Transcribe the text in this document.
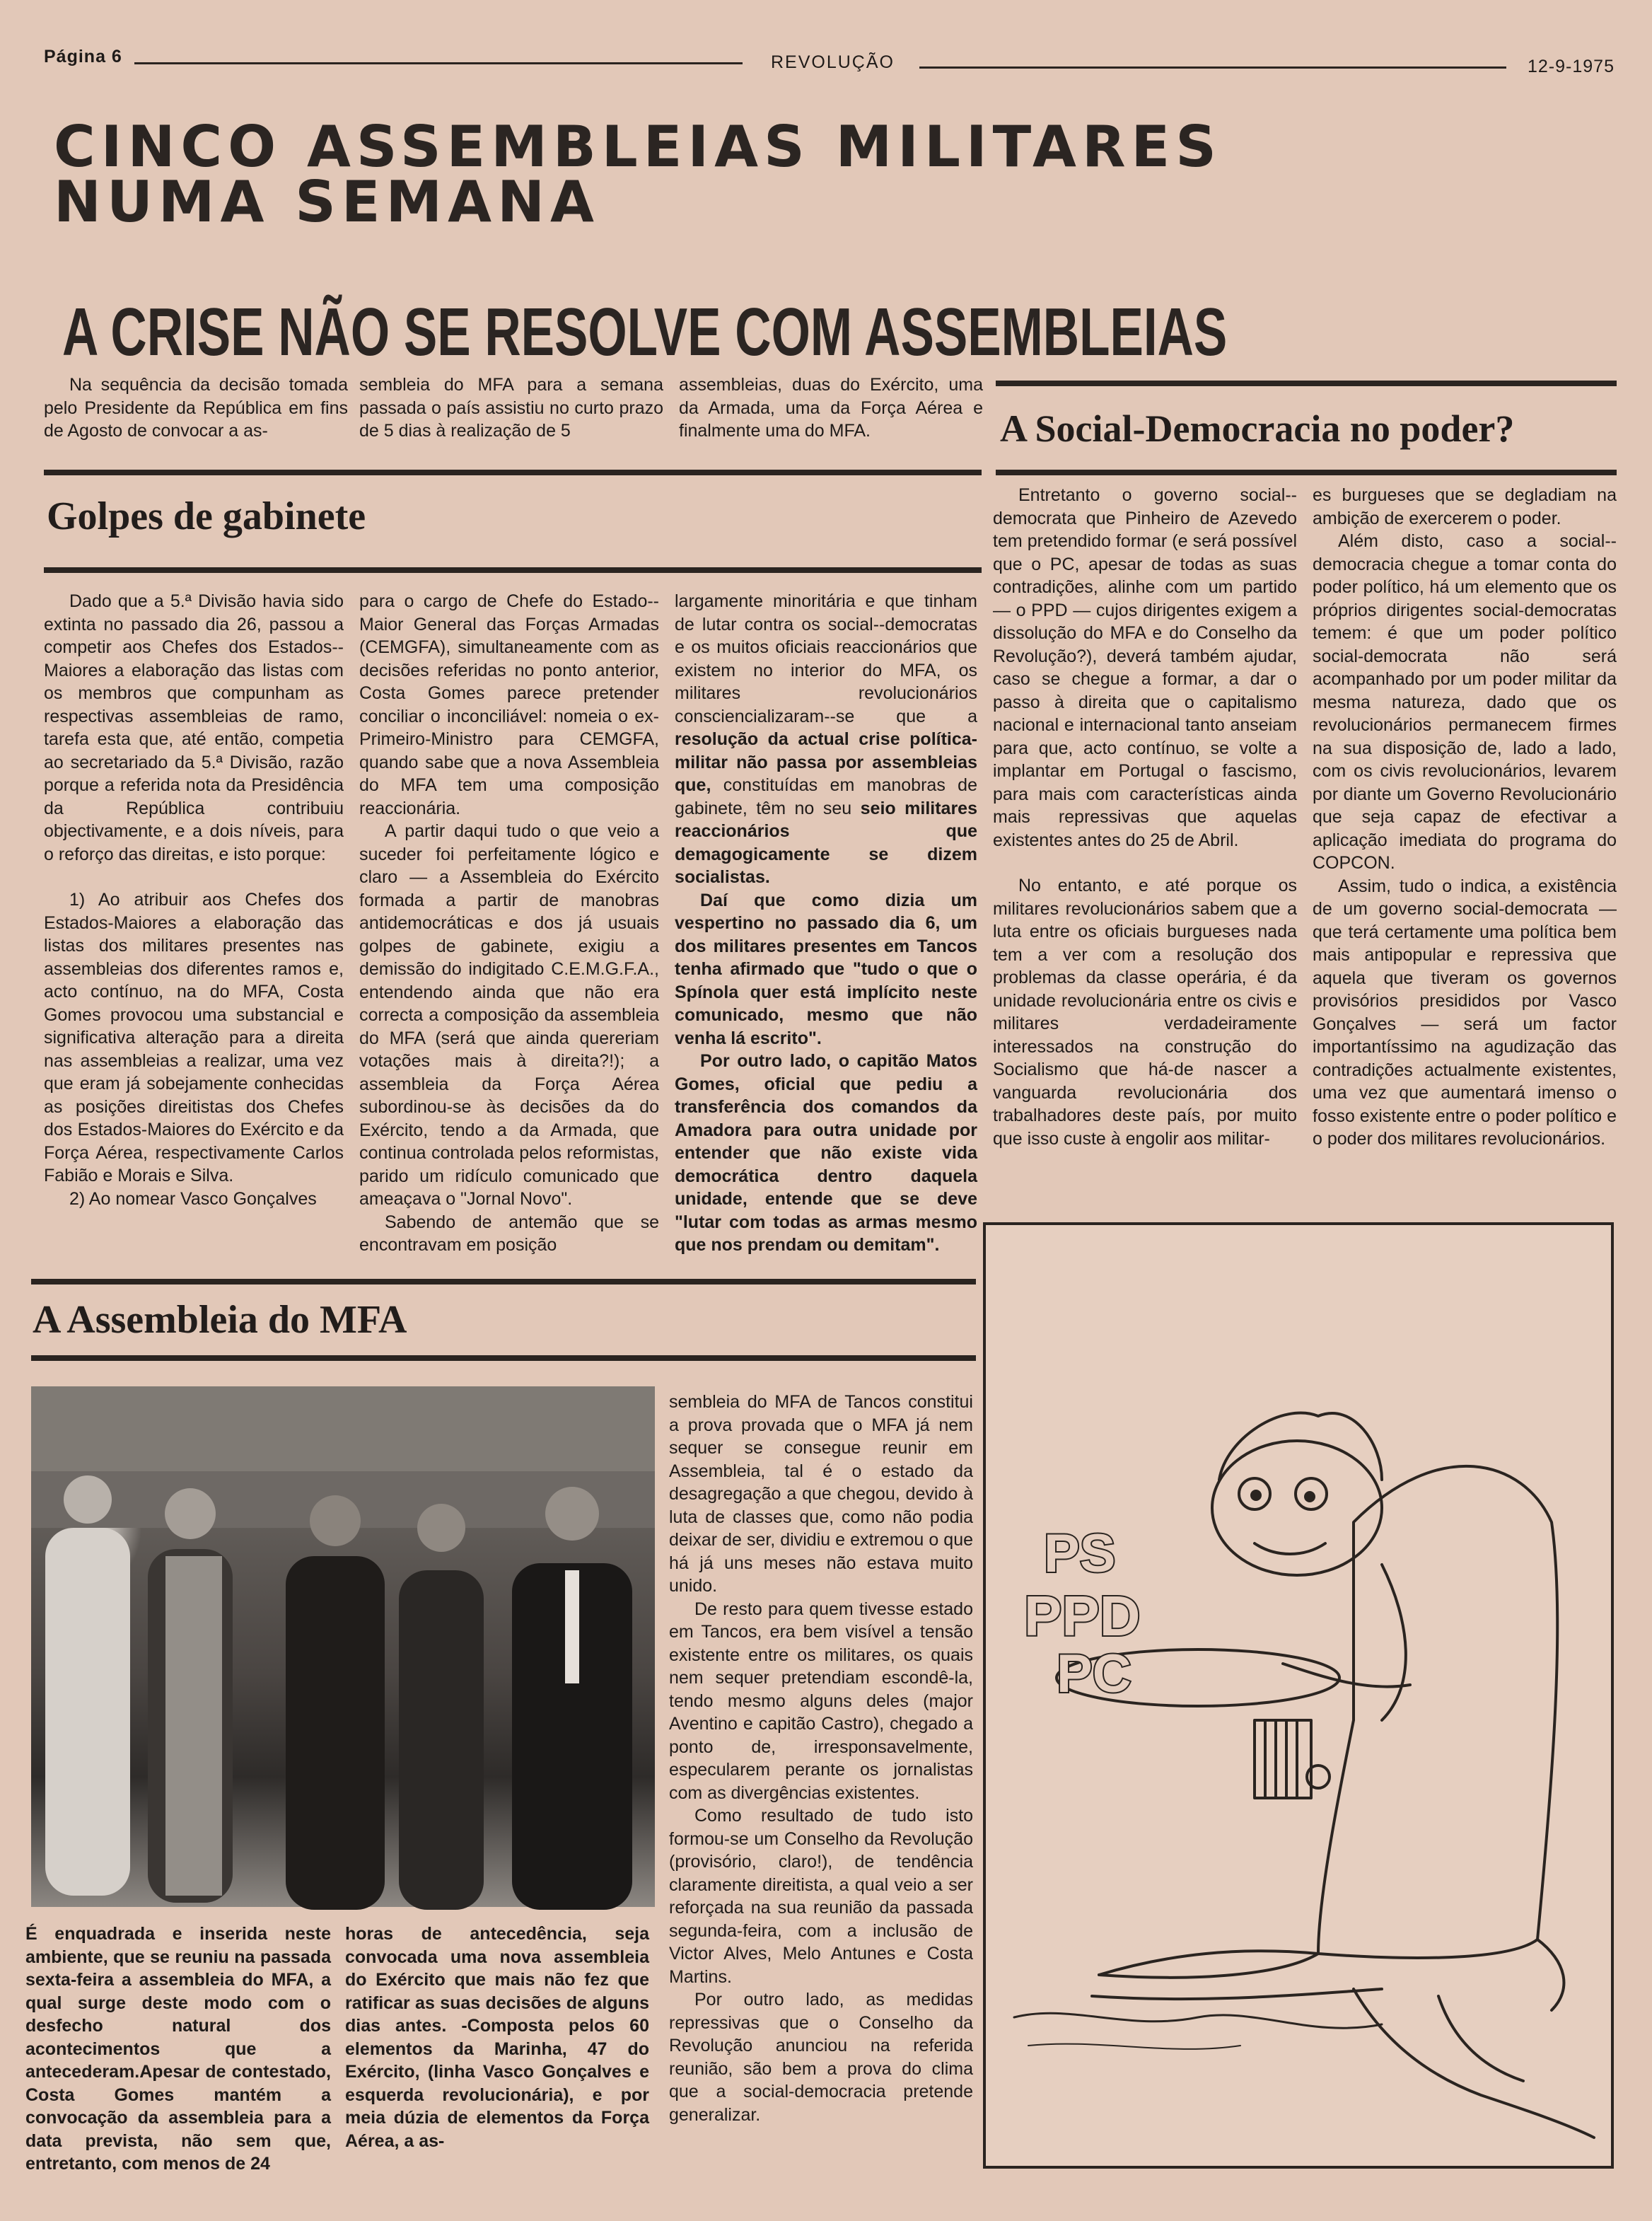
Página 6	REVOLUÇÃO	12-9-1975
CINCO ASSEMBLEIAS MILITARES
NUMA SEMANA
A CRISE NÃO SE RESOLVE COM ASSEMBLEIAS

Na sequência da decisão tomada pelo Presidente da República em fins de Agosto de convocar a as-

sembleia do MFA para a semana passada o país assistiu no curto prazo de 5 dias à realização de 5

assembleias, duas do Exército, uma da Armada, uma da Força Aérea e finalmente uma do MFA.

Golpes de gabinete

Dado que a 5.ª Divisão havia sido extinta no passado dia 26, passou a competir aos Chefes dos Estados--Maiores a elaboração das listas com os membros que compunham as respectivas assembleias de ramo, tarefa esta que, até então, competia ao secretariado da 5.ª Divisão, razão porque a referida nota da Presidência da República contribuiu objectivamente, e a dois níveis, para o reforço das direitas, e isto porque:

1) Ao atribuir aos Chefes dos Estados-Maiores a elaboração das listas dos militares presentes nas assembleias dos diferentes ramos e, acto contínuo, na do MFA, Costa Gomes provocou uma substancial e significativa alteração para a direita nas assembleias a realizar, uma vez que eram já sobejamente conhecidas as posições direitistas dos Chefes dos Estados-Maiores do Exército e da Força Aérea, respectivamente Carlos Fabião e Morais e Silva.

2) Ao nomear Vasco Gonçalves

para o cargo de Chefe do Estado--Maior General das Forças Armadas (CEMGFA), simultaneamente com as decisões referidas no ponto anterior, Costa Gomes parece pretender conciliar o inconciliável: nomeia o ex-Primeiro-Ministro para CEMGFA, quando sabe que a nova Assembleia do MFA tem uma composição reaccionária.

A partir daqui tudo o que veio a suceder foi perfeitamente lógico e claro — a Assembleia do Exército formada a partir de manobras antidemocráticas e dos já usuais golpes de gabinete, exigiu a demissão do indigitado C.E.M.G.F.A., entendendo ainda que não era correcta a composição da assembleia do MFA (será que ainda quereriam votações mais à direita?!); a assembleia da Força Aérea subordinou-se às decisões da do Exército, tendo a da Armada, que continua controlada pelos reformistas, parido um ridículo comunicado que ameaçava o "Jornal Novo".

Sabendo de antemão que se encontravam em posição

largamente minoritária e que tinham de lutar contra os social--democratas e os muitos oficiais reaccionários que existem no interior do MFA, os militares revolucionários consciencializaram--se que a resolução da actual crise política-militar não passa por assembleias que, constituídas em manobras de gabinete, têm no seu seio militares reaccionários que demagogicamente se dizem socialistas.

Daí que como dizia um vespertino no passado dia 6, um dos militares presentes em Tancos tenha afirmado que "tudo o que o Spínola quer está implícito neste comunicado, mesmo que não venha lá escrito".

Por outro lado, o capitão Matos Gomes, oficial que pediu a transferência dos comandos da Amadora para outra unidade por entender que não existe vida democrática dentro daquela unidade, entende que se deve "lutar com todas as armas mesmo que nos prendam ou demitam".

A Social-Democracia no poder?

Entretanto o governo social--democrata que Pinheiro de Azevedo tem pretendido formar (e será possível que o PC, apesar de todas as suas contradições, alinhe com um partido — o PPD — cujos dirigentes exigem a dissolução do MFA e do Conselho da Revolução?), deverá também ajudar, caso se chegue a formar, a dar o passo à direita que o capitalismo nacional e internacional tanto anseiam para que, acto contínuo, se volte a implantar em Portugal o fascismo, para mais com características ainda mais repressivas que aquelas existentes antes do 25 de Abril.

No entanto, e até porque os militares revolucionários sabem que a luta entre os oficiais burgueses nada tem a ver com a resolução dos problemas da classe operária, é da unidade revolucionária entre os civis e militares verdadeiramente interessados na construção do Socialismo que há-de nascer a vanguarda revolucionária dos trabalhadores deste país, por muito que isso custe à engolir aos militar-

es burgueses que se degladiam na ambição de exercerem o poder.

Além disto, caso a social--democracia chegue a tomar conta do poder político, há um elemento que os próprios dirigentes social-democratas temem: é que um poder político social-democrata não será acompanhado por um poder militar da mesma natureza, dado que os revolucionários permanecem firmes na sua disposição de, lado a lado, com os civis revolucionários, levarem por diante um Governo Revolucionário que seja capaz de efectivar a aplicação imediata do programa do COPCON.

Assim, tudo o indica, a existência de um governo social-democrata — que terá certamente uma política bem mais antipopular e repressiva que aquela que tiveram os governos provisórios presididos por Vasco Gonçalves — será um factor importantíssimo na agudização das contradições actualmente existentes, uma vez que aumentará imenso o fosso existente entre o poder político e o poder dos militares revolucionários.

A Assembleia do MFA

É enquadrada e inserida neste ambiente, que se reuniu na passada sexta-feira a assembleia do MFA, a qual surge deste modo com o desfecho natural dos acontecimentos que a antecederam.Apesar de contestado, Costa Gomes mantém a convocação da assembleia para a data prevista, não sem que, entretanto, com menos de 24

horas de antecedência, seja convocada uma nova assembleia do Exército que mais não fez que ratificar as suas decisões de alguns dias antes. -Composta pelos 60 elementos da Marinha, 47 do Exército, (linha Vasco Gonçalves e esquerda revolucionária), e por meia dúzia de elementos da Força Aérea, a as-

sembleia do MFA de Tancos constitui a prova provada que o MFA já nem sequer se consegue reunir em Assembleia, tal é o estado da desagregação a que chegou, devido à luta de classes que, como não podia deixar de ser, dividiu e extremou o que há já uns meses não estava muito unido.

De resto para quem tivesse estado em Tancos, era bem visível a tensão existente entre os militares, os quais nem sequer pretendiam escondê-la, tendo mesmo alguns deles (major Aventino e capitão Castro), chegado a ponto de, irresponsavelmente, especularem perante os jornalistas com as divergências existentes.

Como resultado de tudo isto formou-se um Conselho da Revolução (provisório, claro!), de tendência claramente direitista, a qual veio a ser reforçada na sua reunião da passada segunda-feira, com a inclusão de Victor Alves, Melo Antunes e Costa Martins.

Por outro lado, as medidas repressivas que o Conselho da Revolução anunciou na referida reunião, são bem a prova do clima que a social-democracia pretende generalizar.

PS
PPD
PC
